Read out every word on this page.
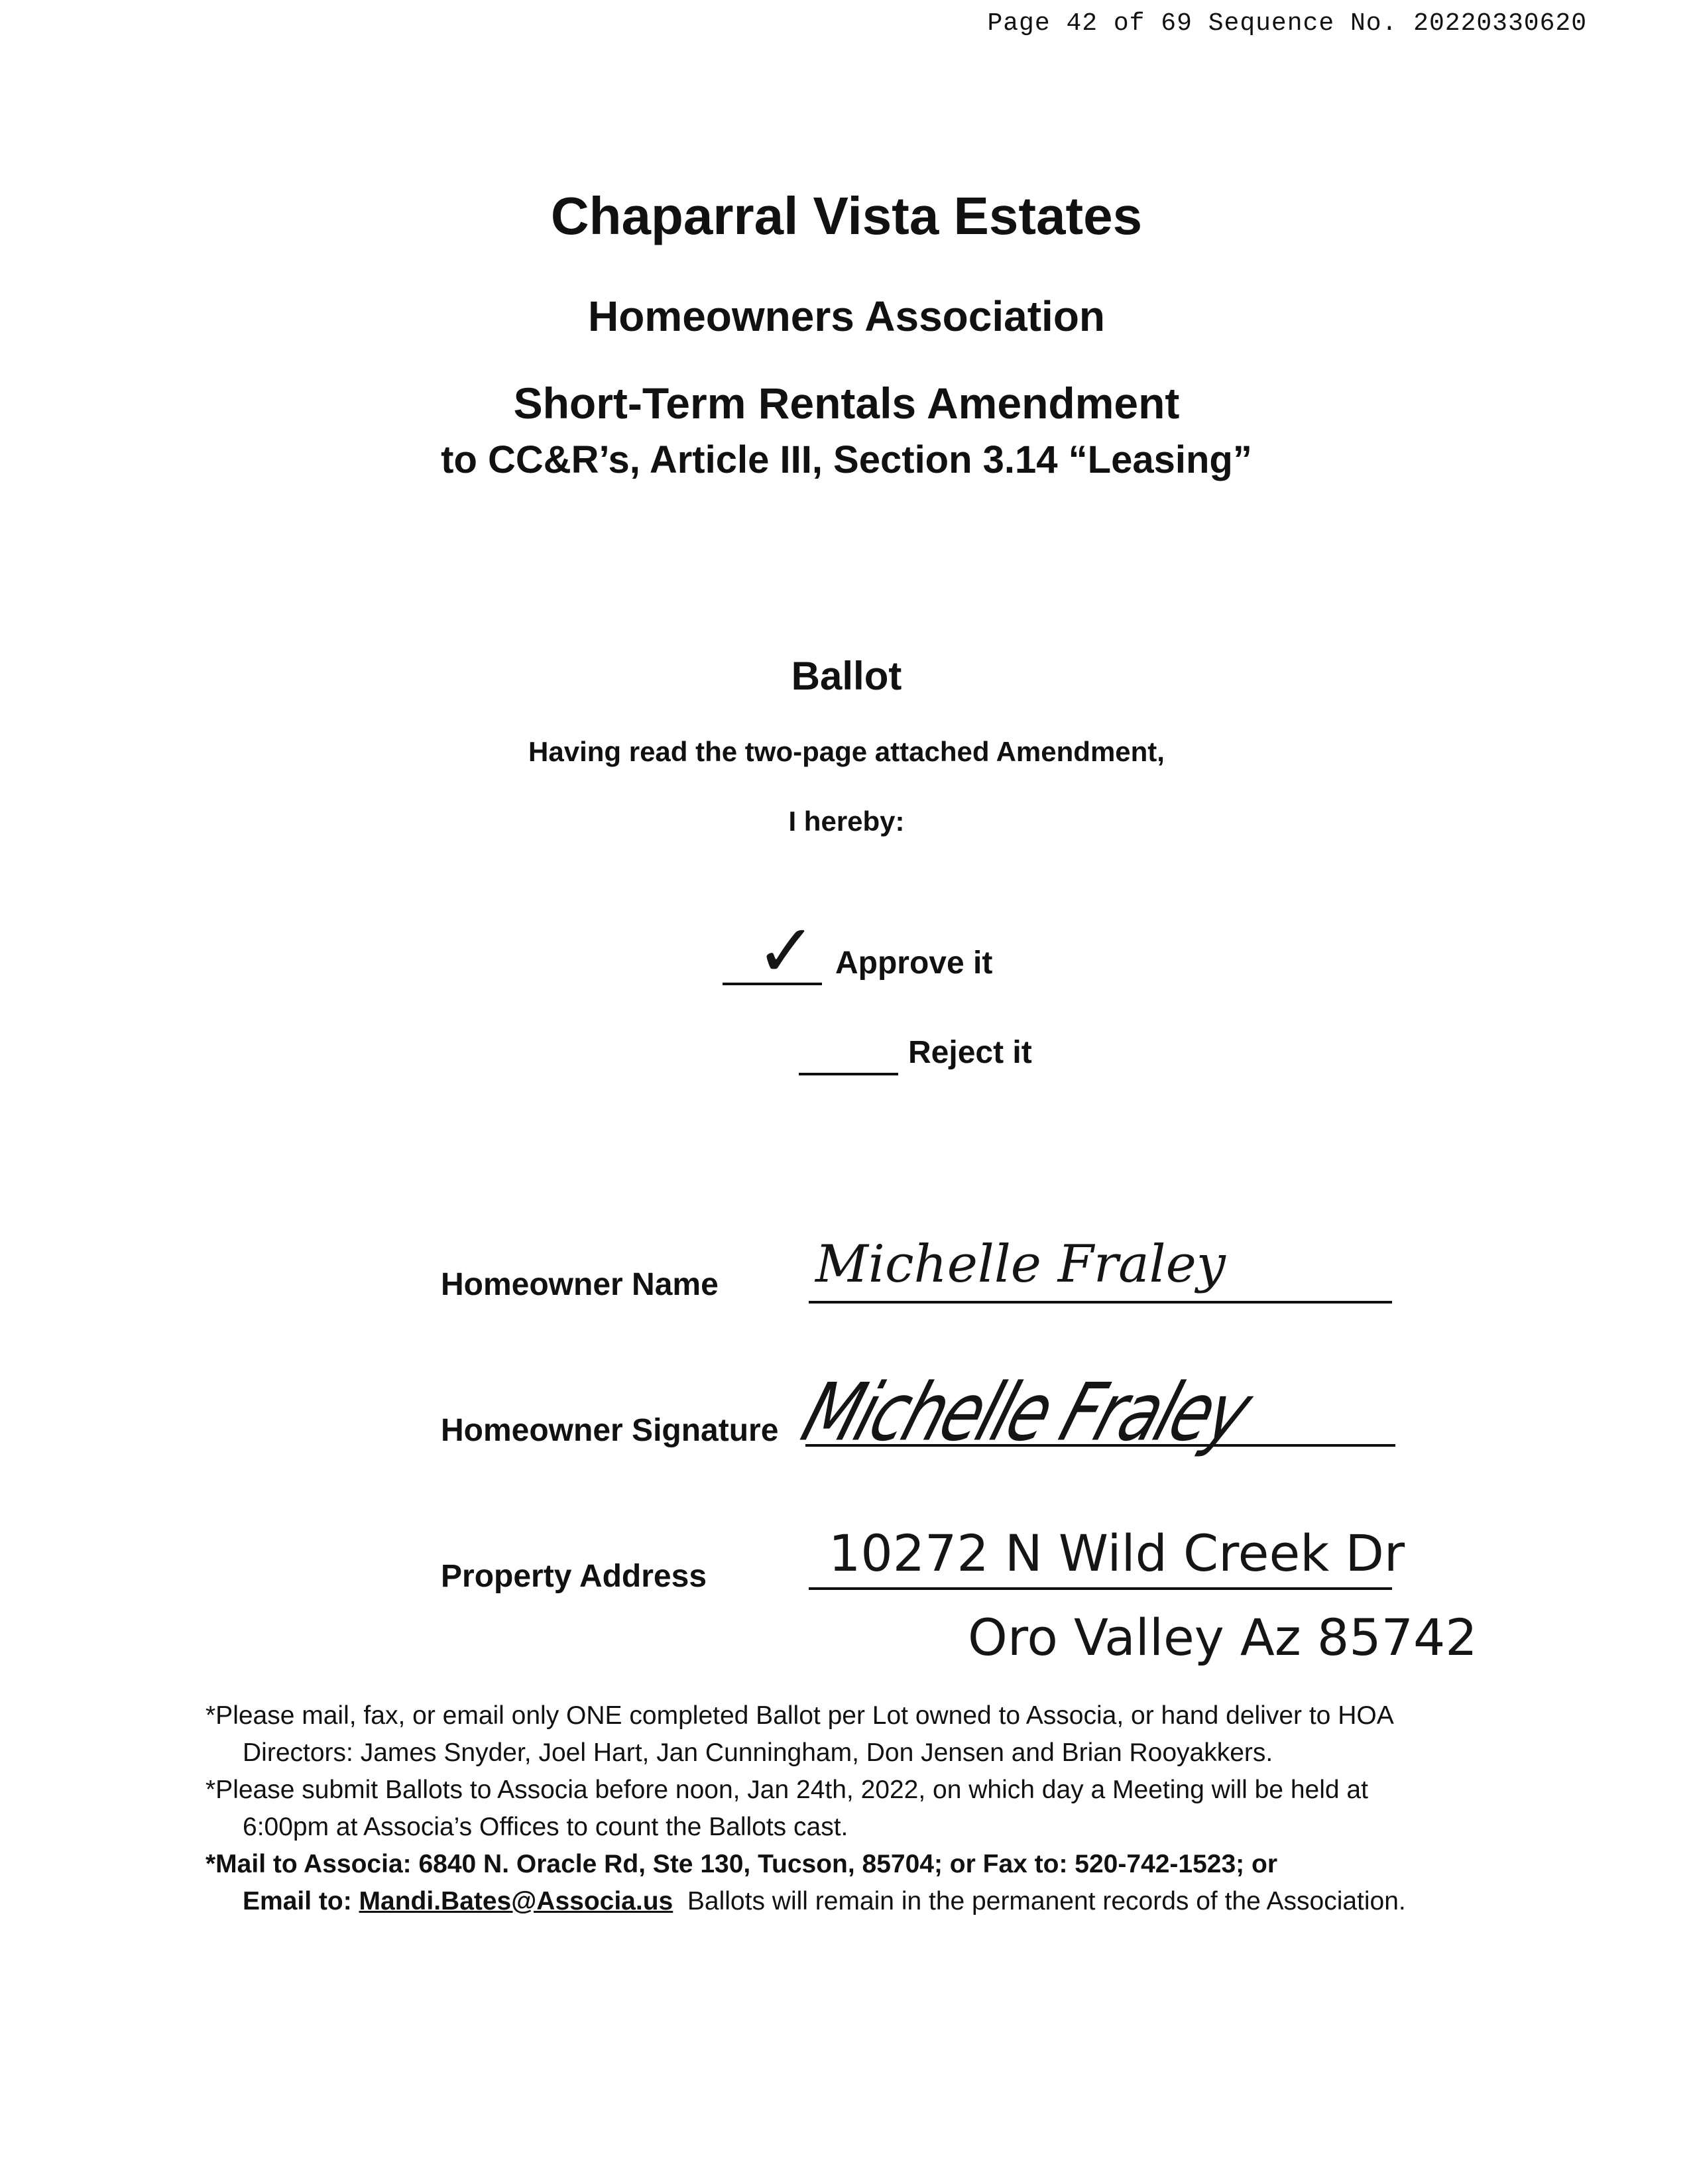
Page 42 of 69 Sequence No. 20220330620
Chaparral Vista Estates
Homeowners Association
Short-Term Rentals Amendment
to CC&R’s, Article III, Section 3.14 “Leasing”
Ballot
Having read the two-page attached Amendment,
I hereby:
✓ Approve it
Reject it
Homeowner Name Michelle Fraley
Homeowner Signature Michelle Fraley
Property Address 10272 N Wild Creek Dr
Oro Valley Az 85742
*Please mail, fax, or email only ONE completed Ballot per Lot owned to Associa, or hand deliver to HOA
Directors: James Snyder, Joel Hart, Jan Cunningham, Don Jensen and Brian Rooyakkers.
*Please submit Ballots to Associa before noon, Jan 24th, 2022, on which day a Meeting will be held at
6:00pm at Associa’s Offices to count the Ballots cast.
*Mail to Associa: 6840 N. Oracle Rd, Ste 130, Tucson, 85704; or Fax to: 520-742-1523; or
Email to: Mandi.Bates@Associa.us Ballots will remain in the permanent records of the Association.
